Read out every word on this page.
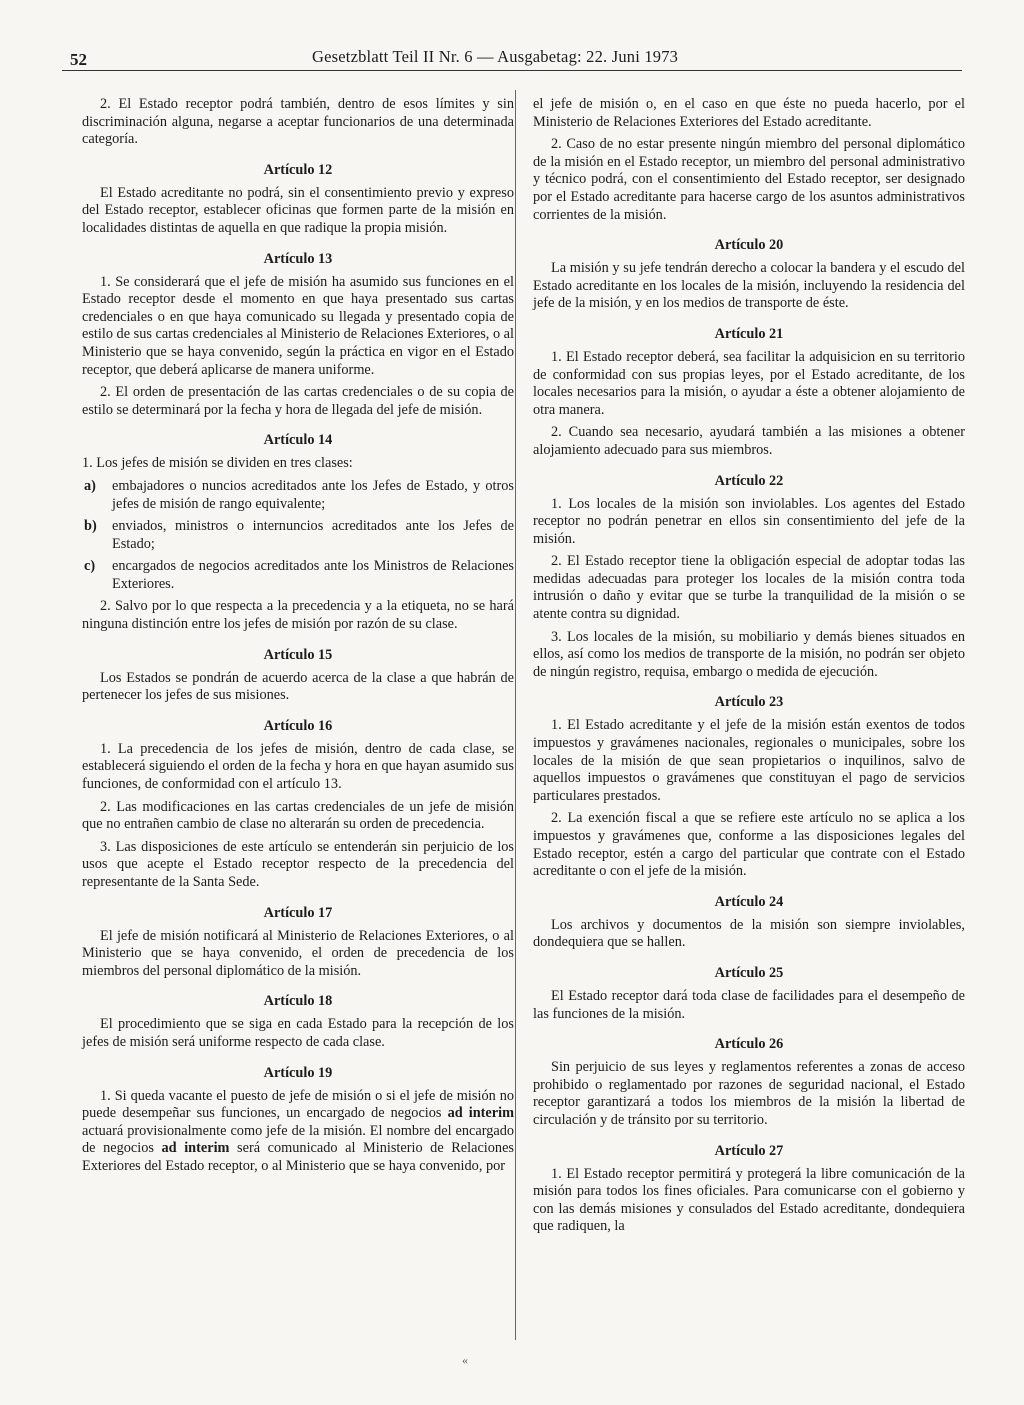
52	Gesetzblatt Teil II Nr. 6 — Ausgabetag: 22. Juni 1973

2. El Estado receptor podrá también, dentro de esos límites y sin discriminación alguna, negarse a aceptar funcionarios de una determinada categoría.

Artículo 12

El Estado acreditante no podrá, sin el consentimiento previo y expreso del Estado receptor, establecer oficinas que formen parte de la misión en localidades distintas de aquella en que radique la propia misión.

Artículo 13

1. Se considerará que el jefe de misión ha asumido sus funciones en el Estado receptor desde el momento en que haya presentado sus cartas credenciales o en que haya comunicado su llegada y presentado copia de estilo de sus cartas credenciales al Ministerio de Relaciones Exteriores, o al Ministerio que se haya convenido, según la práctica en vigor en el Estado receptor, que deberá aplicarse de manera uniforme.

2. El orden de presentación de las cartas credenciales o de su copia de estilo se determinará por la fecha y hora de llegada del jefe de misión.

Artículo 14

1. Los jefes de misión se dividen en tres clases:

a)	embajadores o nuncios acreditados ante los Jefes de Estado, y otros jefes de misión de rango equivalente;
b)	enviados, ministros o internuncios acreditados ante los Jefes de Estado;
c)	encargados de negocios acreditados ante los Ministros de Relaciones Exteriores.

2. Salvo por lo que respecta a la precedencia y a la etiqueta, no se hará ninguna distinción entre los jefes de misión por razón de su clase.

Artículo 15

Los Estados se pondrán de acuerdo acerca de la clase a que habrán de pertenecer los jefes de sus misiones.

Artículo 16

1. La precedencia de los jefes de misión, dentro de cada clase, se establecerá siguiendo el orden de la fecha y hora en que hayan asumido sus funciones, de conformidad con el artículo 13.

2. Las modificaciones en las cartas credenciales de un jefe de misión que no entrañen cambio de clase no alterarán su orden de precedencia.

3. Las disposiciones de este artículo se entenderán sin perjuicio de los usos que acepte el Estado receptor respecto de la precedencia del representante de la Santa Sede.

Artículo 17

El jefe de misión notificará al Ministerio de Relaciones Exteriores, o al Ministerio que se haya convenido, el orden de precedencia de los miembros del personal diplomático de la misión.

Artículo 18

El procedimiento que se siga en cada Estado para la recepción de los jefes de misión será uniforme respecto de cada clase.

Artículo 19

1. Si queda vacante el puesto de jefe de misión o si el jefe de misión no puede desempeñar sus funciones, un encargado de negocios ad interim actuará provisionalmente como jefe de la misión. El nombre del encargado de negocios ad interim será comunicado al Ministerio de Relaciones Exteriores del Estado receptor, o al Ministerio que se haya convenido, por

el jefe de misión o, en el caso en que éste no pueda hacerlo, por el Ministerio de Relaciones Exteriores del Estado acreditante.

2. Caso de no estar presente ningún miembro del personal diplomático de la misión en el Estado receptor, un miembro del personal administrativo y técnico podrá, con el consentimiento del Estado receptor, ser designado por el Estado acreditante para hacerse cargo de los asuntos administrativos corrientes de la misión.

Artículo 20

La misión y su jefe tendrán derecho a colocar la bandera y el escudo del Estado acreditante en los locales de la misión, incluyendo la residencia del jefe de la misión, y en los medios de transporte de éste.

Artículo 21

1. El Estado receptor deberá, sea facilitar la adquisicion en su territorio de conformidad con sus propias leyes, por el Estado acreditante, de los locales necesarios para la misión, o ayudar a éste a obtener alojamiento de otra manera.

2. Cuando sea necesario, ayudará también a las misiones a obtener alojamiento adecuado para sus miembros.

Artículo 22

1. Los locales de la misión son inviolables. Los agentes del Estado receptor no podrán penetrar en ellos sin consentimiento del jefe de la misión.

2. El Estado receptor tiene la obligación especial de adoptar todas las medidas adecuadas para proteger los locales de la misión contra toda intrusión o daño y evitar que se turbe la tranquilidad de la misión o se atente contra su dignidad.

3. Los locales de la misión, su mobiliario y demás bienes situados en ellos, así como los medios de transporte de la misión, no podrán ser objeto de ningún registro, requisa, embargo o medida de ejecución.

Artículo 23

1. El Estado acreditante y el jefe de la misión están exentos de todos impuestos y gravámenes nacionales, regionales o municipales, sobre los locales de la misión de que sean propietarios o inquilinos, salvo de aquellos impuestos o gravámenes que constituyan el pago de servicios particulares prestados.

2. La exención fiscal a que se refiere este artículo no se aplica a los impuestos y gravámenes que, conforme a las disposiciones legales del Estado receptor, estén a cargo del particular que contrate con el Estado acreditante o con el jefe de la misión.

Artículo 24

Los archivos y documentos de la misión son siempre inviolables, dondequiera que se hallen.

Artículo 25

El Estado receptor dará toda clase de facilidades para el desempeño de las funciones de la misión.

Artículo 26

Sin perjuicio de sus leyes y reglamentos referentes a zonas de acceso prohibido o reglamentado por razones de seguridad nacional, el Estado receptor garantizará a todos los miembros de la misión la libertad de circulación y de tránsito por su territorio.

Artículo 27

1. El Estado receptor permitirá y protegerá la libre comunicación de la misión para todos los fines oficiales. Para comunicarse con el gobierno y con las demás misiones y consulados del Estado acreditante, dondequiera que radiquen, la

«
